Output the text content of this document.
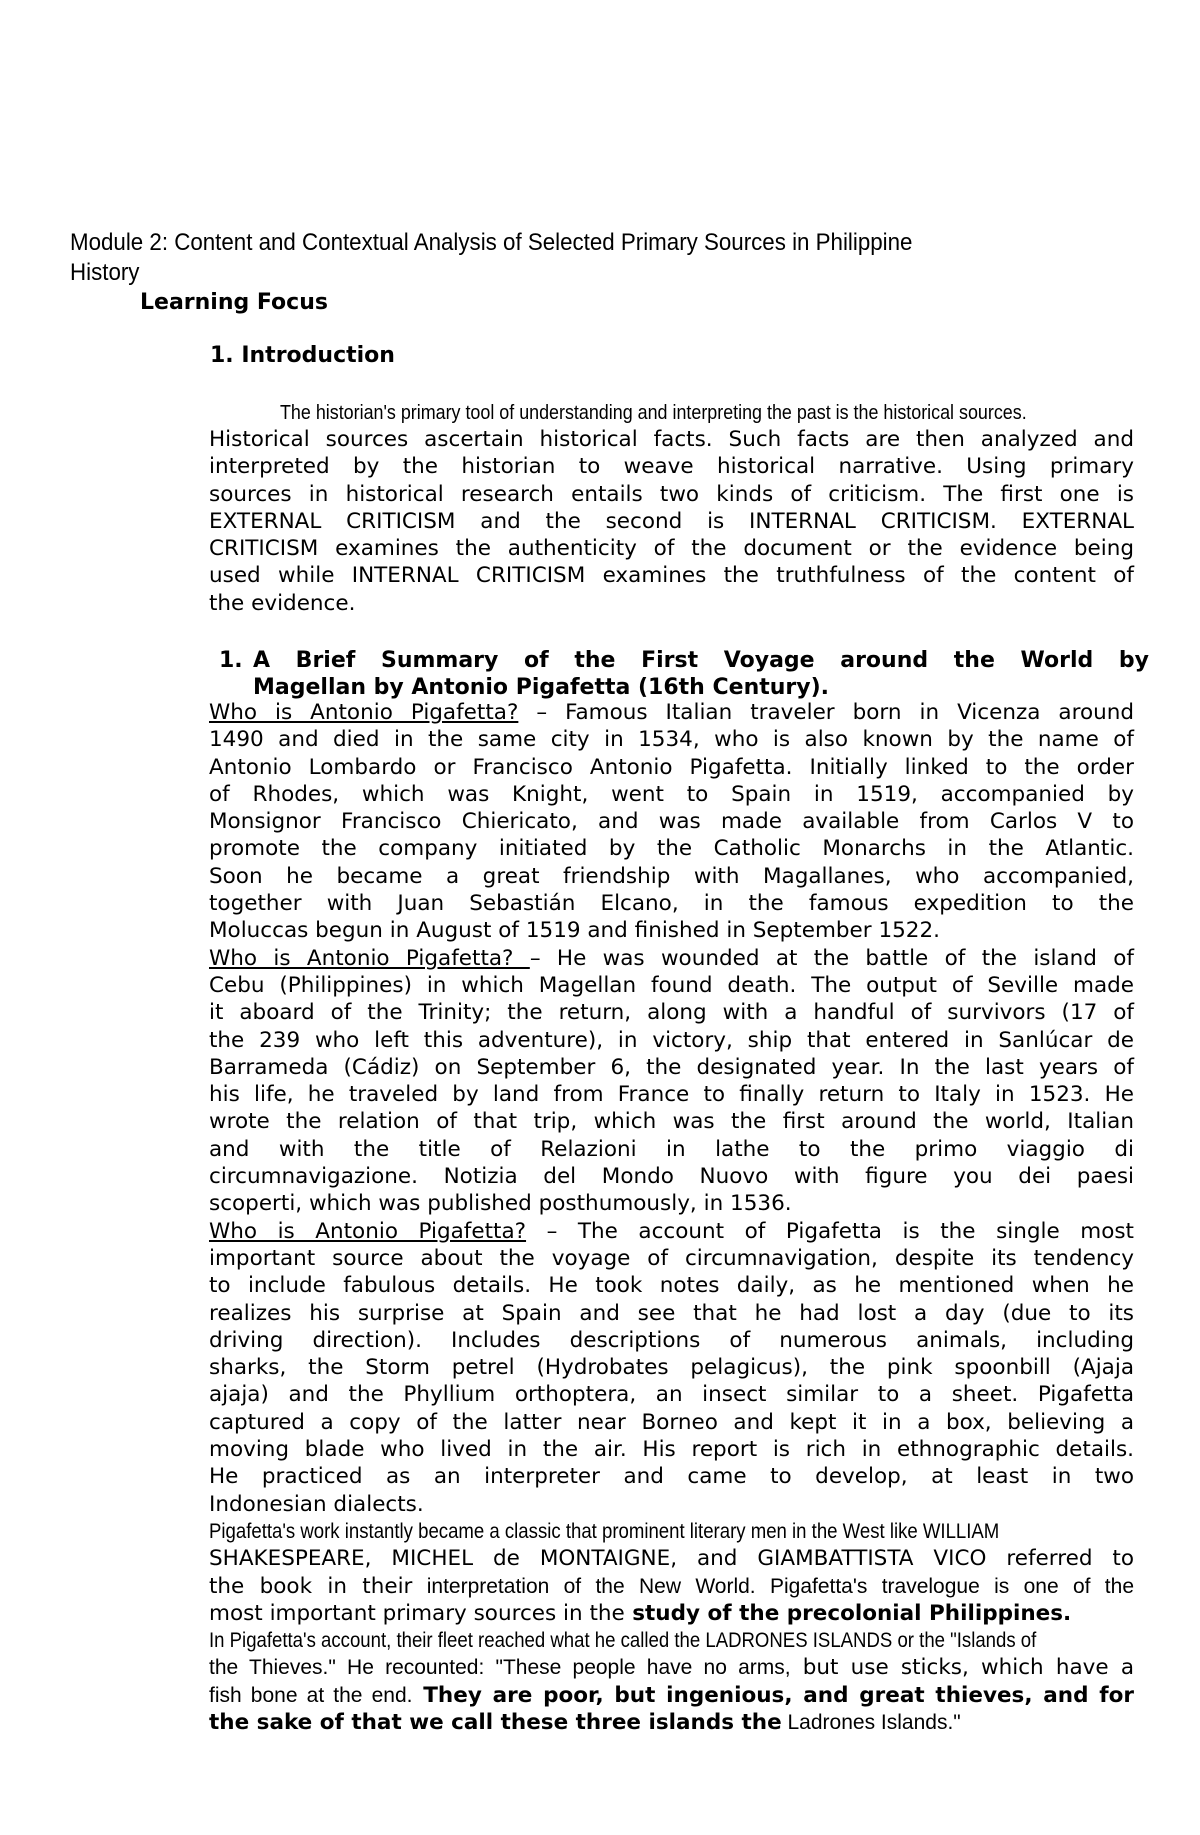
Module 2: Content and Contextual Analysis of Selected Primary Sources in Philippine
History
Learning Focus
1. Introduction
The historian's primary tool of understanding and interpreting the past is the historical sources.
Historical sources ascertain historical facts. Such facts are then analyzed and
interpreted by the historian to weave historical narrative. Using primary
sources in historical research entails two kinds of criticism. The first one is
EXTERNAL CRITICISM and the second is INTERNAL CRITICISM. EXTERNAL
CRITICISM examines the authenticity of the document or the evidence being
used while INTERNAL CRITICISM examines the truthfulness of the content of
the evidence.
1. A Brief Summary of the First Voyage around the World by
Magellan by Antonio Pigafetta (16th Century).
Who is Antonio Pigafetta? – Famous Italian traveler born in Vicenza around
1490 and died in the same city in 1534, who is also known by the name of
Antonio Lombardo or Francisco Antonio Pigafetta. Initially linked to the order
of Rhodes, which was Knight, went to Spain in 1519, accompanied by
Monsignor Francisco Chiericato, and was made available from Carlos V to
promote the company initiated by the Catholic Monarchs in the Atlantic.
Soon he became a great friendship with Magallanes, who accompanied,
together with Juan Sebastián Elcano, in the famous expedition to the
Moluccas begun in August of 1519 and finished in September 1522.
Who is Antonio Pigafetta? – He was wounded at the battle of the island of
Cebu (Philippines) in which Magellan found death. The output of Seville made
it aboard of the Trinity; the return, along with a handful of survivors (17 of
the 239 who left this adventure), in victory, ship that entered in Sanlúcar de
Barrameda (Cádiz) on September 6, the designated year. In the last years of
his life, he traveled by land from France to finally return to Italy in 1523. He
wrote the relation of that trip, which was the first around the world, Italian
and with the title of Relazioni in lathe to the primo viaggio di
circumnavigazione. Notizia del Mondo Nuovo with figure you dei paesi
scoperti, which was published posthumously, in 1536.
Who is Antonio Pigafetta? – The account of Pigafetta is the single most
important source about the voyage of circumnavigation, despite its tendency
to include fabulous details. He took notes daily, as he mentioned when he
realizes his surprise at Spain and see that he had lost a day (due to its
driving direction). Includes descriptions of numerous animals, including
sharks, the Storm petrel (Hydrobates pelagicus), the pink spoonbill (Ajaja
ajaja) and the Phyllium orthoptera, an insect similar to a sheet. Pigafetta
captured a copy of the latter near Borneo and kept it in a box, believing a
moving blade who lived in the air. His report is rich in ethnographic details.
He practiced as an interpreter and came to develop, at least in two
Indonesian dialects.
Pigafetta's work instantly became a classic that prominent literary men in the West like WILLIAM
SHAKESPEARE, MICHEL de MONTAIGNE, and GIAMBATTISTA VICO referred to
the book in their interpretation of the New World. Pigafetta's travelogue is one of the
most important primary sources in the study of the precolonial Philippines.
In Pigafetta's account, their fleet reached what he called the LADRONES ISLANDS or the "Islands of
the Thieves." He recounted: "These people have no arms, but use sticks, which have a
fish bone at the end. They are poor, but ingenious, and great thieves, and for
the sake of that we call these three islands the Ladrones Islands."
